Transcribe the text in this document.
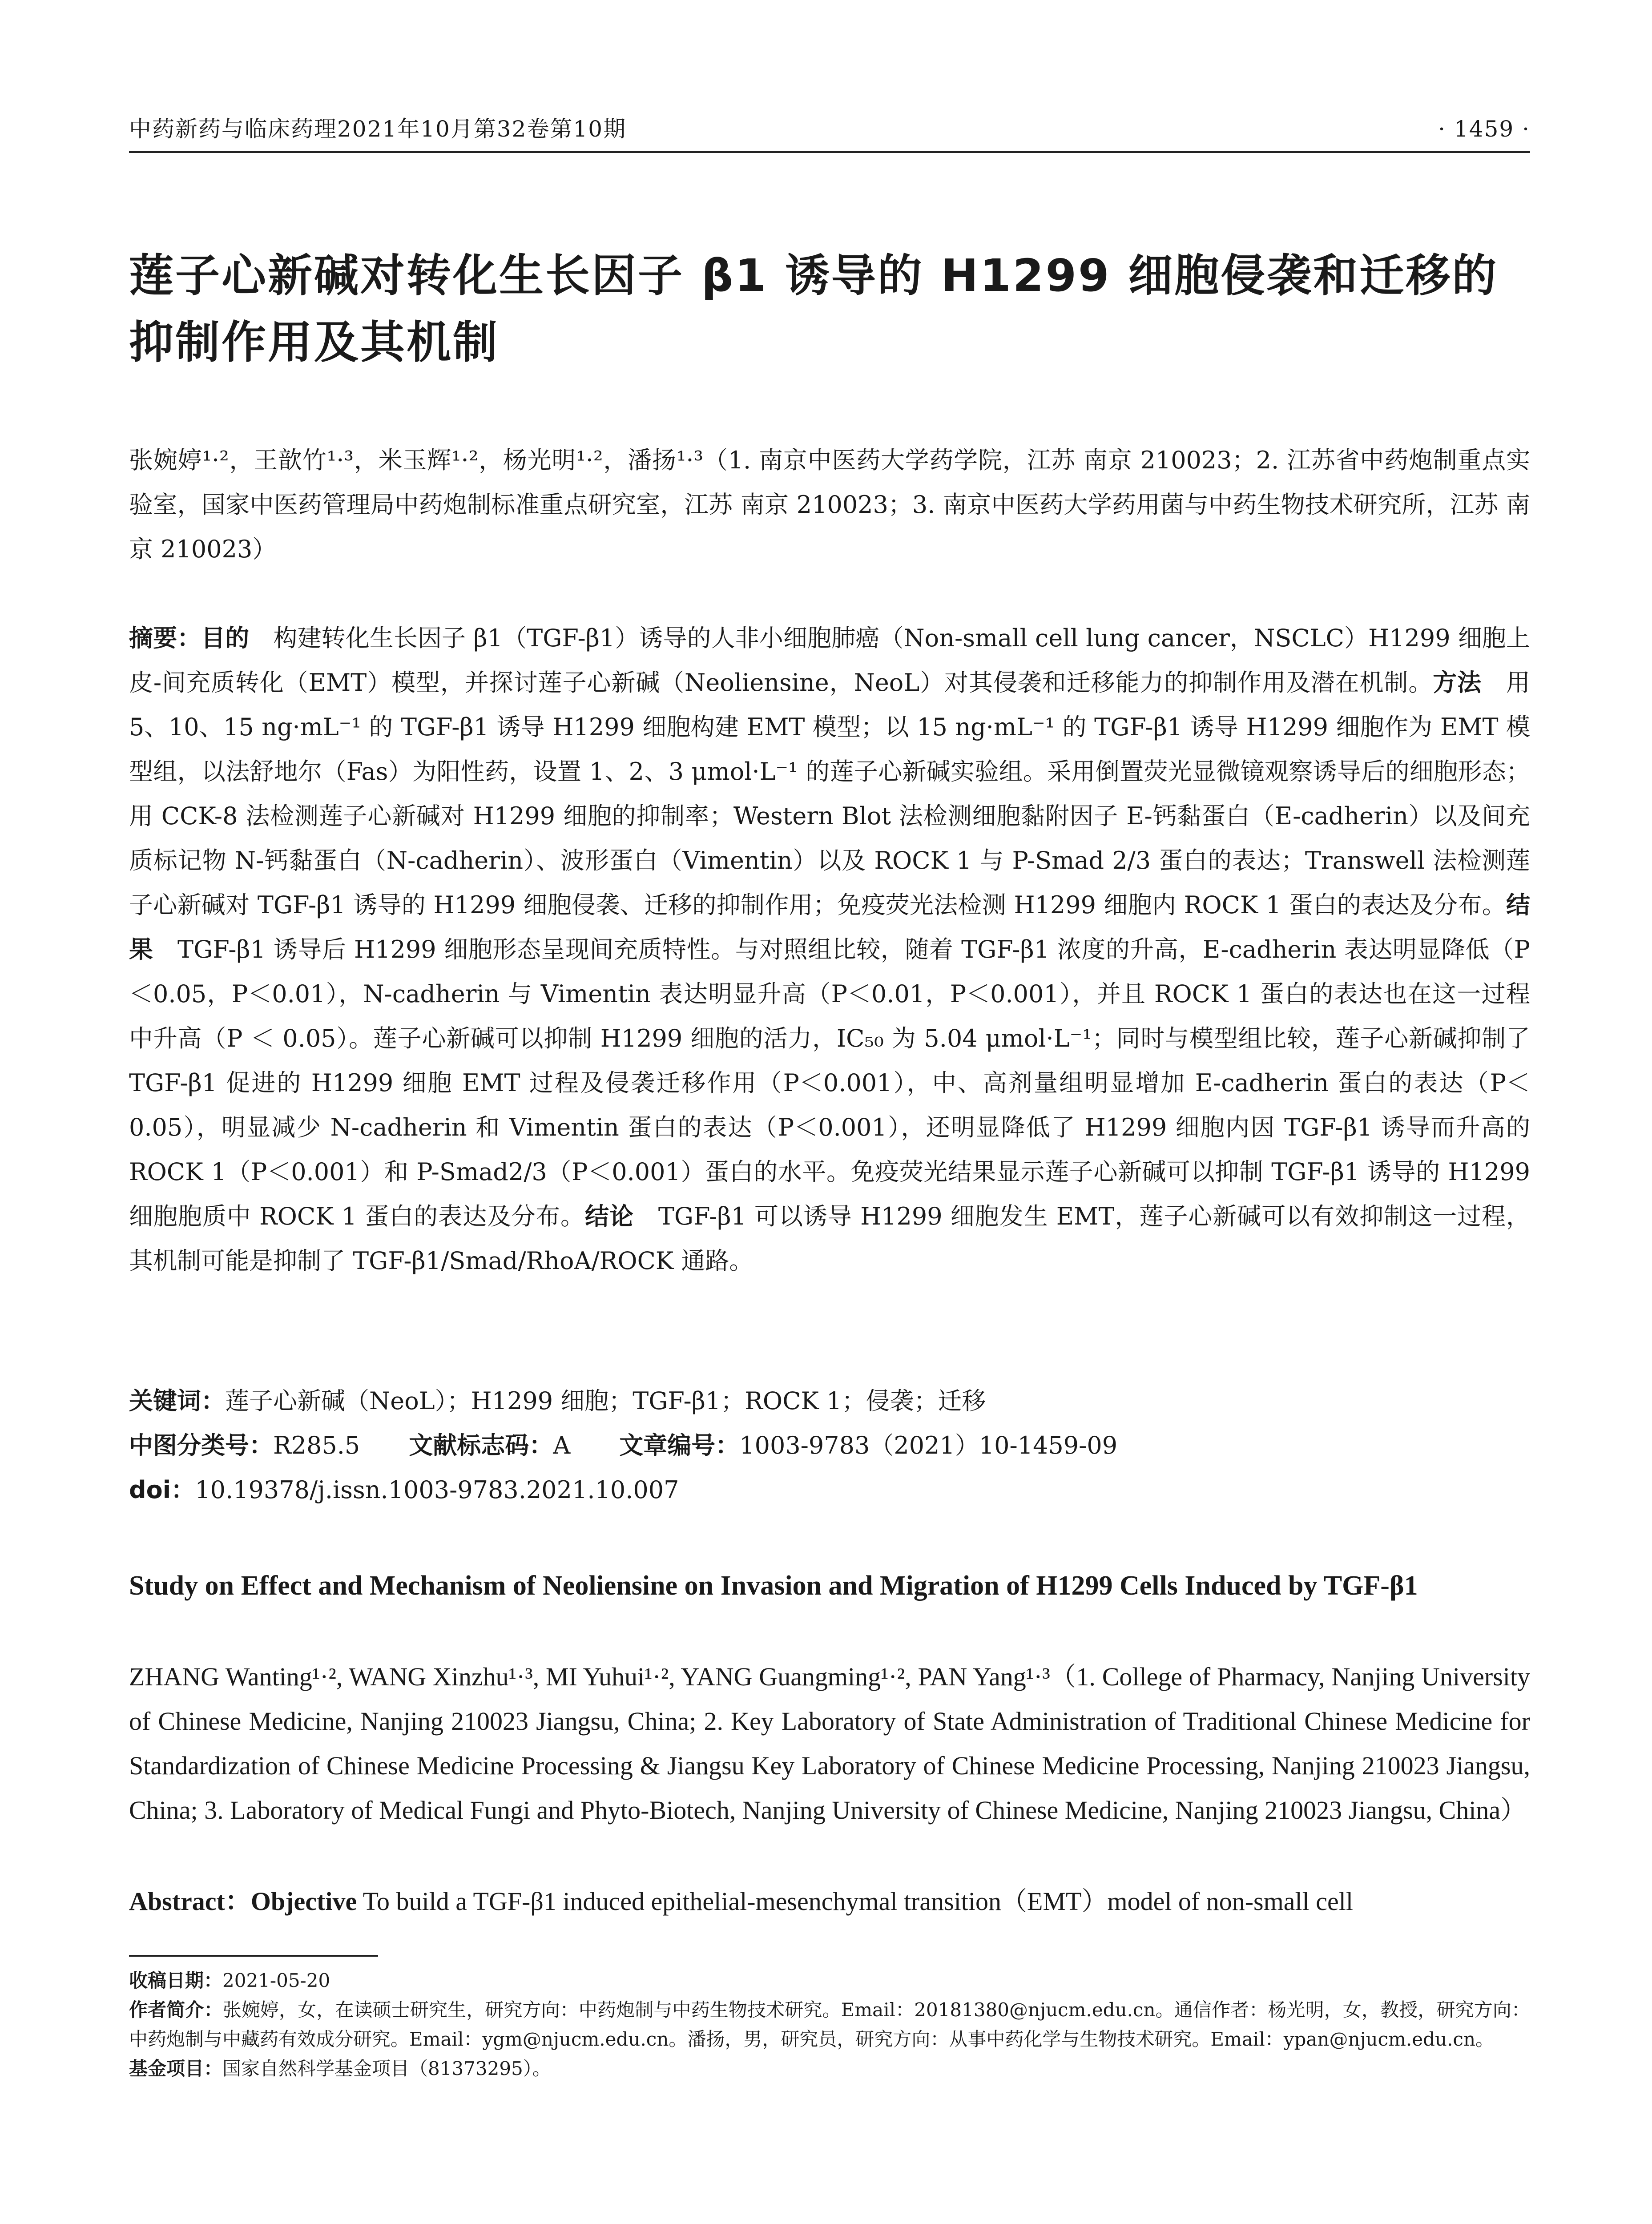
中药新药与临床药理2021年10月第32卷第10期	· 1459 ·
莲子心新碱对转化生长因子 β1 诱导的 H1299 细胞侵袭和迁移的抑制作用及其机制
张婉婷¹·²，王歆竹¹·³，米玉辉¹·²，杨光明¹·²，潘扬¹·³（1. 南京中医药大学药学院，江苏 南京 210023；2. 江苏省中药炮制重点实验室，国家中医药管理局中药炮制标准重点研究室，江苏 南京 210023；3. 南京中医药大学药用菌与中药生物技术研究所，江苏 南京 210023）
摘要：目的　构建转化生长因子 β1（TGF-β1）诱导的人非小细胞肺癌（Non-small cell lung cancer，NSCLC）H1299 细胞上皮-间充质转化（EMT）模型，并探讨莲子心新碱（Neoliensine，NeoL）对其侵袭和迁移能力的抑制作用及潜在机制。方法　用 5、10、15 ng·mL⁻¹ 的 TGF-β1 诱导 H1299 细胞构建 EMT 模型；以 15 ng·mL⁻¹ 的 TGF-β1 诱导 H1299 细胞作为 EMT 模型组，以法舒地尔（Fas）为阳性药，设置 1、2、3 μmol·L⁻¹ 的莲子心新碱实验组。采用倒置荧光显微镜观察诱导后的细胞形态；用 CCK-8 法检测莲子心新碱对 H1299 细胞的抑制率；Western Blot 法检测细胞黏附因子 E-钙黏蛋白（E-cadherin）以及间充质标记物 N-钙黏蛋白（N-cadherin）、波形蛋白（Vimentin）以及 ROCK 1 与 P-Smad 2/3 蛋白的表达；Transwell 法检测莲子心新碱对 TGF-β1 诱导的 H1299 细胞侵袭、迁移的抑制作用；免疫荧光法检测 H1299 细胞内 ROCK 1 蛋白的表达及分布。结果　TGF-β1 诱导后 H1299 细胞形态呈现间充质特性。与对照组比较，随着 TGF-β1 浓度的升高，E-cadherin 表达明显降低（P＜0.05，P＜0.01），N-cadherin 与 Vimentin 表达明显升高（P＜0.01，P＜0.001），并且 ROCK 1 蛋白的表达也在这一过程中升高（P ＜ 0.05）。莲子心新碱可以抑制 H1299 细胞的活力，IC₅₀ 为 5.04 μmol·L⁻¹；同时与模型组比较，莲子心新碱抑制了 TGF-β1 促进的 H1299 细胞 EMT 过程及侵袭迁移作用（P＜0.001），中、高剂量组明显增加 E-cadherin 蛋白的表达（P＜0.05），明显减少 N-cadherin 和 Vimentin 蛋白的表达（P＜0.001），还明显降低了 H1299 细胞内因 TGF-β1 诱导而升高的 ROCK 1（P＜0.001）和 P-Smad2/3（P＜0.001）蛋白的水平。免疫荧光结果显示莲子心新碱可以抑制 TGF-β1 诱导的 H1299 细胞胞质中 ROCK 1 蛋白的表达及分布。结论　TGF-β1 可以诱导 H1299 细胞发生 EMT，莲子心新碱可以有效抑制这一过程，其机制可能是抑制了 TGF-β1/Smad/RhoA/ROCK 通路。
关键词：莲子心新碱（NeoL）；H1299 细胞；TGF-β1；ROCK 1；侵袭；迁移
中图分类号：R285.5 文献标志码：A 文章编号：1003-9783（2021）10-1459-09
doi：10.19378/j.issn.1003-9783.2021.10.007
Study on Effect and Mechanism of Neoliensine on Invasion and Migration of H1299 Cells Induced by TGF-β1
ZHANG Wanting¹·², WANG Xinzhu¹·³, MI Yuhui¹·², YANG Guangming¹·², PAN Yang¹·³（1. College of Pharmacy, Nanjing University of Chinese Medicine, Nanjing 210023 Jiangsu, China; 2. Key Laboratory of State Administration of Traditional Chinese Medicine for Standardization of Chinese Medicine Processing & Jiangsu Key Laboratory of Chinese Medicine Processing, Nanjing 210023 Jiangsu, China; 3. Laboratory of Medical Fungi and Phyto-Biotech, Nanjing University of Chinese Medicine, Nanjing 210023 Jiangsu, China）
Abstract：Objective To build a TGF-β1 induced epithelial-mesenchymal transition（EMT）model of non-small cell
收稿日期：2021-05-20
作者简介：张婉婷，女，在读硕士研究生，研究方向：中药炮制与中药生物技术研究。Email：20181380@njucm.edu.cn。通信作者：杨光明，女，教授，研究方向：中药炮制与中藏药有效成分研究。Email：ygm@njucm.edu.cn。潘扬，男，研究员，研究方向：从事中药化学与生物技术研究。Email：ypan@njucm.edu.cn。
基金项目：国家自然科学基金项目（81373295）。
